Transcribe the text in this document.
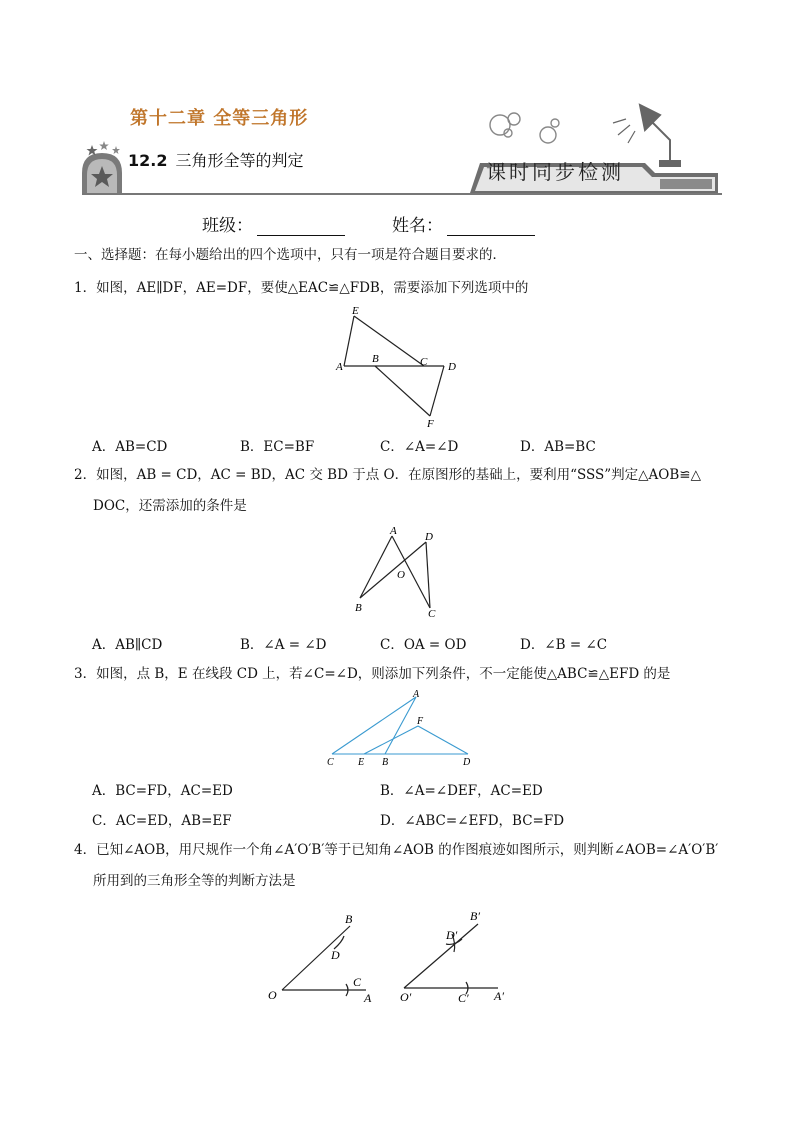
第十二章 全等三角形
12.2 三角形全等的判定	课时同步检测
班级：	姓名：
一、选择题：在每小题给出的四个选项中，只有一项是符合题目要求的．
1．如图，AE∥DF，AE=DF，要使△EAC≌△FDB，需要添加下列选项中的
E
A
B	C D
F
A．AB=CD	B．EC=BF	C．∠A=∠D	D．AB=BC
2．如图，AB = CD，AC = BD，AC 交 BD 于点 O．在原图形的基础上，要利用“SSS”判定△AOB≌△
DOC，还需添加的条件是
A	D
O
B	C
A．AB∥CD	B．∠A = ∠D	C．OA = OD	D．∠B = ∠C
3．如图，点 B，E 在线段 CD 上，若∠C=∠D，则添加下列条件，不一定能使△ABC≌△EFD 的是
A
F
C E B	D
A．BC=FD，AC=ED	B．∠A=∠DEF，AC=ED
C．AC=ED，AB=EF	D．∠ABC=∠EFD，BC=FD
4．已知∠AOB，用尺规作一个角∠A′O′B′等于已知角∠AOB 的作图痕迹如图所示，则判断∠AOB=∠A′O′B′
所用到的三角形全等的判断方法是
B
D
C
O	A
B′
D′
O′	C′ A′
